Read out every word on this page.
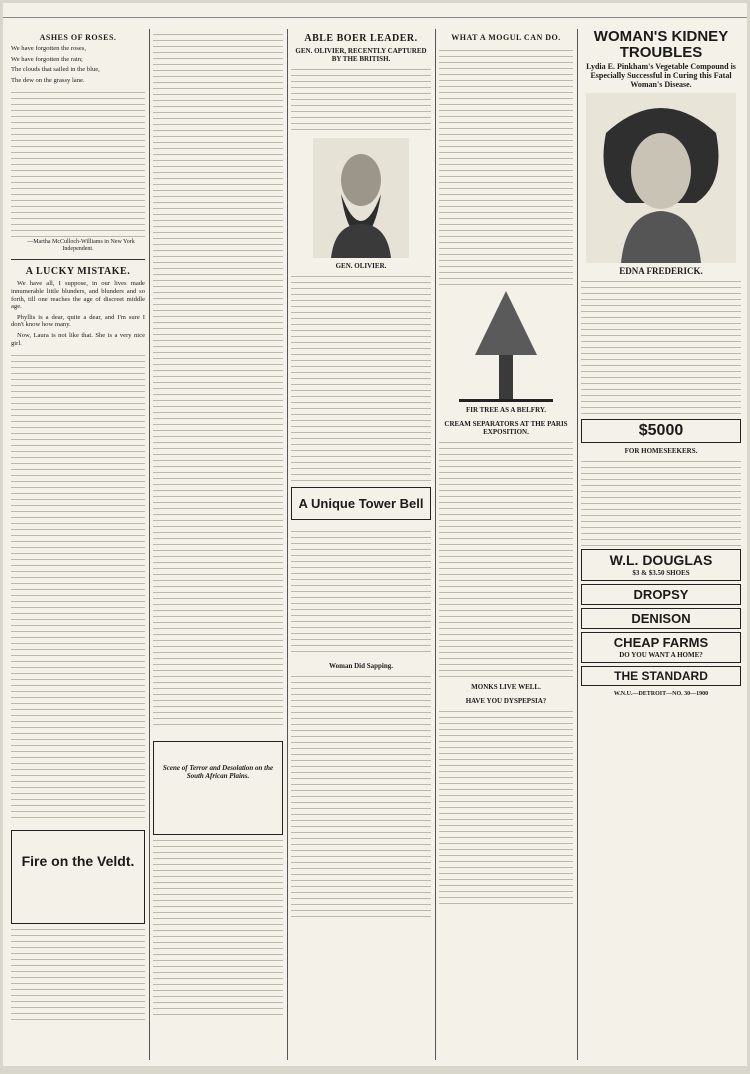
ASHES OF ROSES.

We have forgotten the roses,

We have forgotten the rain;

The clouds that sailed in the blue,

The dew on the grassy lane.

—Martha McCulloch-Williams in New York Independent.

A LUCKY MISTAKE.

We have all, I suppose, in our lives made innumerable little blunders, and blunders and so forth, till one reaches the age of discreet middle age.

Phyllis is a dear, quite a dear, and I'm sure I don't know how many.

Now, Laura is not like that. She is a very nice girl.

Fire on the Veldt.
Scene of Terror and Desolation on the South African Plains.
ABLE BOER LEADER.
GEN. OLIVIER, RECENTLY CAPTURED BY THE BRITISH.
GEN. OLIVIER.
A Unique Tower Bell
Woman Did Sapping.
WHAT A MOGUL CAN DO.
FIR TREE AS A BELFRY.
CREAM SEPARATORS AT THE PARIS EXPOSITION.
MONKS LIVE WELL.
HAVE YOU DYSPEPSIA?
WOMAN'S KIDNEY TROUBLES
Lydia E. Pinkham's Vegetable Compound is Especially Successful in Curing this Fatal Woman's Disease.
EDNA FREDERICK.
$5000
FOR HOMESEEKERS.
W.L. DOUGLAS
$3 & $3.50 SHOES
DROPSY
DENISON
CHEAP FARMS
DO YOU WANT A HOME?
THE STANDARD
W.N.U.—DETROIT—NO. 30—1900
